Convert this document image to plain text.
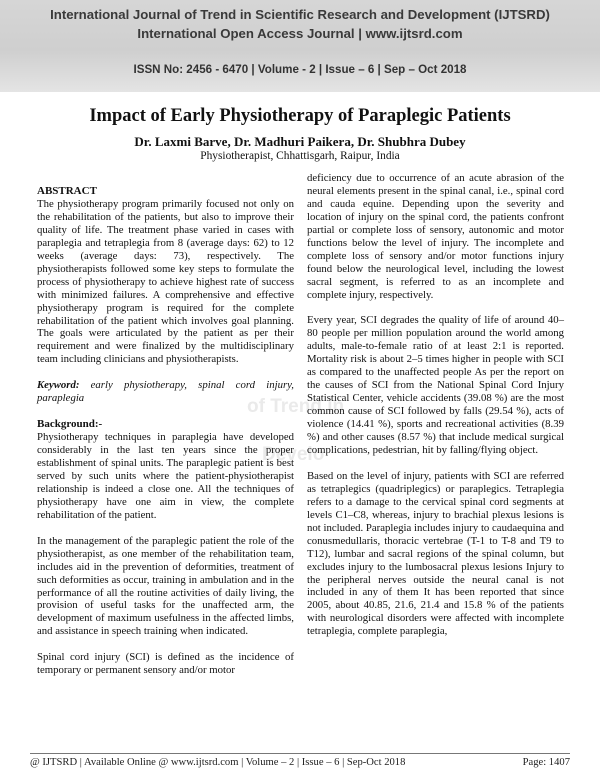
International Journal of Trend in Scientific Research and Development (IJTSRD)
International Open Access Journal | www.ijtsrd.com
ISSN No: 2456 - 6470 | Volume - 2 | Issue – 6 | Sep – Oct 2018
Impact of Early Physiotherapy of Paraplegic Patients
Dr. Laxmi Barve, Dr. Madhuri Paikera, Dr. Shubhra Dubey
Physiotherapist, Chhattisgarh, Raipur, India
of Trend in
Develo

ABSTRACT

The physiotherapy program primarily focused not only on the rehabilitation of the patients, but also to improve their quality of life. The treatment phase varied in cases with paraplegia and tetraplegia from 8 (average days: 62) to 12 weeks (average days: 73), respectively. The physiotherapists followed some key steps to formulate the process of physiotherapy to achieve highest rate of success with minimized failures. A comprehensive and effective physiotherapy program is required for the complete rehabilitation of the patient which involves goal planning. The goals were articulated by the patient as per their requirement and were finalized by the multidisciplinary team including clinicians and physiotherapists.

Keyword: early physiotherapy, spinal cord injury, paraplegia

Background:-

Physiotherapy techniques in paraplegia have developed considerably in the last ten years since the proper establishment of spinal units. The paraplegic patient is best served by such units where the patient-physiotherapist relationship is indeed a close one. All the techniques of physiotherapy have one aim in view, the complete rehabilitation of the patient.

In the management of the paraplegic patient the role of the physiotherapist, as one member of the rehabilitation team, includes aid in the prevention of deformities, treatment of such deformities as occur, training in ambulation and in the performance of all the routine activities of daily living, the provision of useful tasks for the unaffected arm, the development of maximum usefulness in the affected limbs, and assistance in speech training when indicated.

Spinal cord injury (SCI) is defined as the incidence of temporary or permanent sensory and/or motor

deficiency due to occurrence of an acute abrasion of the neural elements present in the spinal canal, i.e., spinal cord and cauda equine. Depending upon the severity and location of injury on the spinal cord, the patients confront partial or complete loss of sensory, autonomic and motor functions below the level of injury. The incomplete and complete loss of sensory and/or motor functions injury found below the neurological level, including the lowest sacral segment, is referred to as an incomplete and complete injury, respectively.

Every year, SCI degrades the quality of life of around 40–80 people per million population around the world among adults, male-to-female ratio of at least 2:1 is reported. Mortality risk is about 2–5 times higher in people with SCI as compared to the unaffected people As per the report on the causes of SCI from the National Spinal Cord Injury Statistical Center, vehicle accidents (39.08 %) are the most common cause of SCI followed by falls (29.54 %), acts of violence (14.41 %), sports and recreational activities (8.39 %) and other causes (8.57 %) that include medical surgical complications, pedestrian, hit by falling/flying object.

Based on the level of injury, patients with SCI are referred as tetraplegics (quadriplegics) or paraplegics. Tetraplegia refers to a damage to the cervical spinal cord segments at levels C1–C8, whereas, injury to brachial plexus lesions is not included. Paraplegia includes injury to caudaequina and conusmedullaris, thoracic vertebrae (T-1 to T-8 and T9 to T12), lumbar and sacral regions of the spinal column, but excludes injury to the lumbosacral plexus lesions Injury to the peripheral nerves outside the neural canal is not included in any of them It has been reported that since 2005, about 40.85, 21.6, 21.4 and 15.8 % of the patients with neurological disorders were affected with incomplete tetraplegia, complete paraplegia,

@ IJTSRD | Available Online @ www.ijtsrd.com | Volume – 2 | Issue – 6 | Sep-Oct 2018	Page: 1407
